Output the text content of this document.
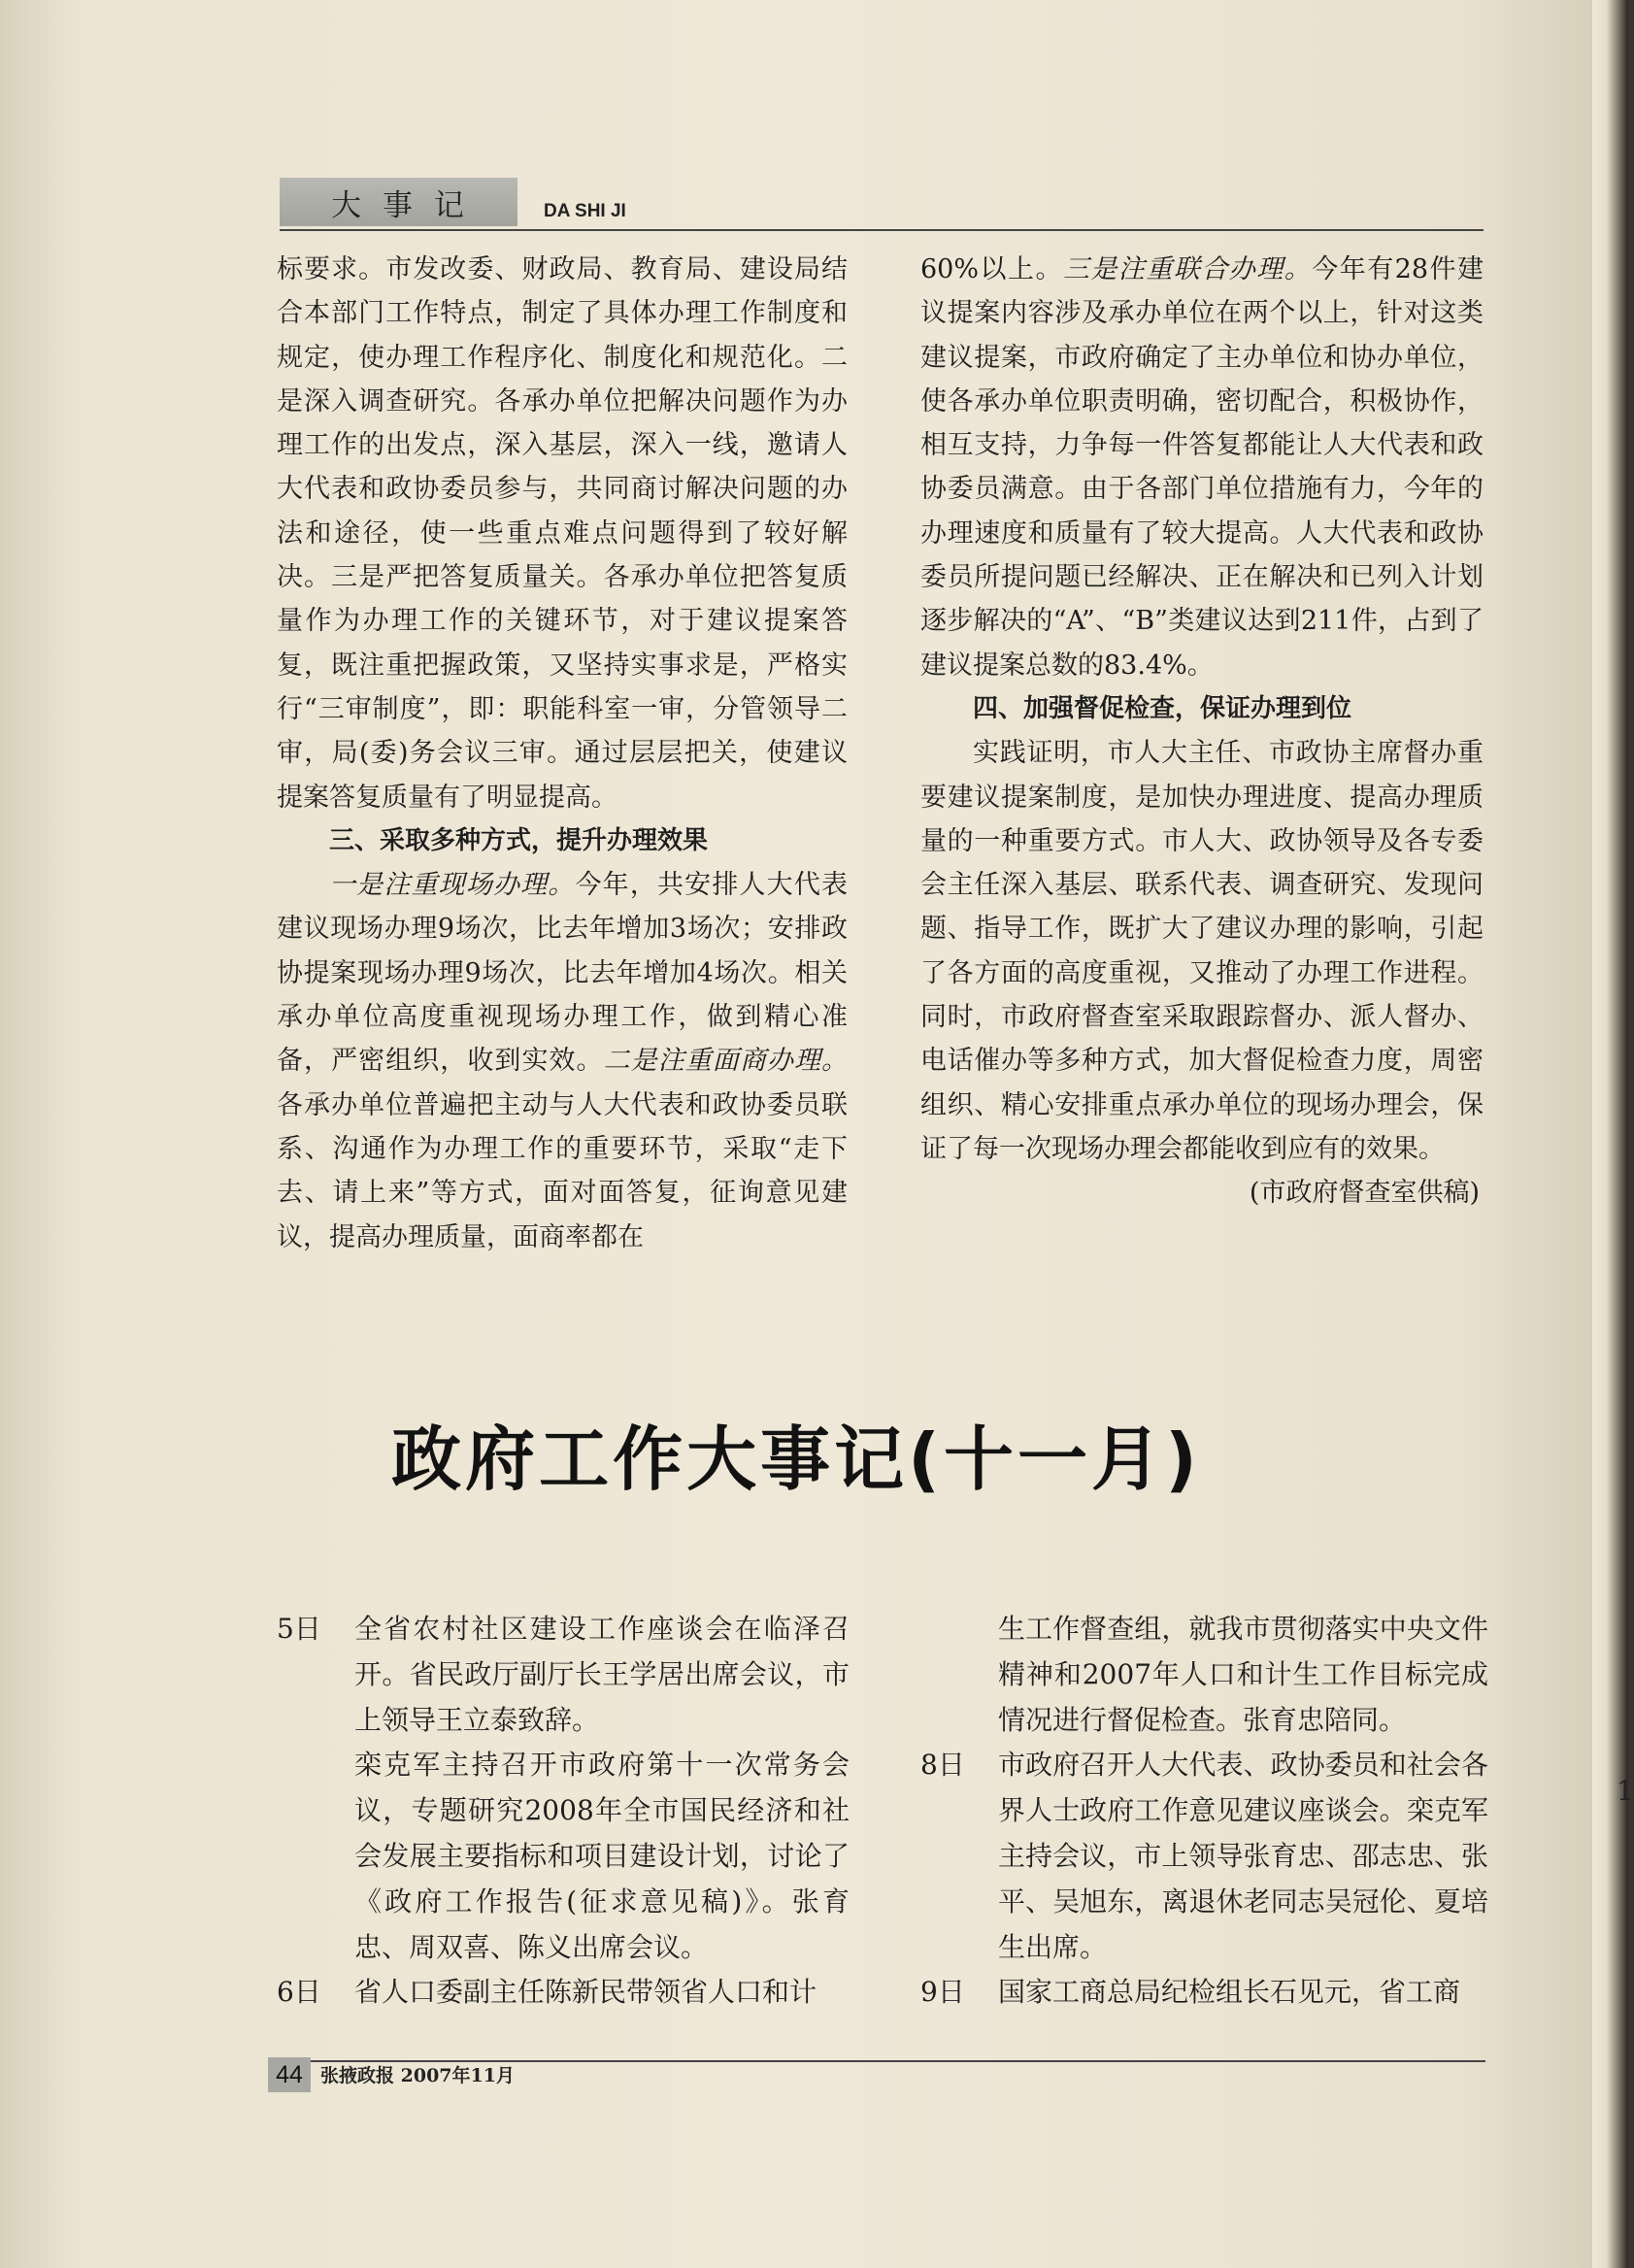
大 事 记	DA SHI JI

标要求。市发改委、财政局、教育局、建设局结合本部门工作特点，制定了具体办理工作制度和规定，使办理工作程序化、制度化和规范化。二是深入调查研究。各承办单位把解决问题作为办理工作的出发点，深入基层，深入一线，邀请人大代表和政协委员参与，共同商讨解决问题的办法和途径，使一些重点难点问题得到了较好解决。三是严把答复质量关。各承办单位把答复质量作为办理工作的关键环节，对于建议提案答复，既注重把握政策，又坚持实事求是，严格实行“三审制度”，即：职能科室一审，分管领导二审，局(委)务会议三审。通过层层把关，使建议提案答复质量有了明显提高。

三、采取多种方式，提升办理效果

一是注重现场办理。今年，共安排人大代表建议现场办理9场次，比去年增加3场次；安排政协提案现场办理9场次，比去年增加4场次。相关承办单位高度重视现场办理工作，做到精心准备，严密组织，收到实效。二是注重面商办理。各承办单位普遍把主动与人大代表和政协委员联系、沟通作为办理工作的重要环节，采取“走下去、请上来”等方式，面对面答复，征询意见建议，提高办理质量，面商率都在

60%以上。三是注重联合办理。今年有28件建议提案内容涉及承办单位在两个以上，针对这类建议提案，市政府确定了主办单位和协办单位，使各承办单位职责明确，密切配合，积极协作，相互支持，力争每一件答复都能让人大代表和政协委员满意。由于各部门单位措施有力，今年的办理速度和质量有了较大提高。人大代表和政协委员所提问题已经解决、正在解决和已列入计划逐步解决的“A”、“B”类建议达到211件，占到了建议提案总数的83.4%。

四、加强督促检查，保证办理到位

实践证明，市人大主任、市政协主席督办重要建议提案制度，是加快办理进度、提高办理质量的一种重要方式。市人大、政协领导及各专委会主任深入基层、联系代表、调查研究、发现问题、指导工作，既扩大了建议办理的影响，引起了各方面的高度重视，又推动了办理工作进程。同时，市政府督查室采取跟踪督办、派人督办、电话催办等多种方式，加大督促检查力度，周密组织、精心安排重点承办单位的现场办理会，保证了每一次现场办理会都能收到应有的效果。

(市政府督查室供稿)

政府工作大事记(十一月)
5日	全省农村社区建设工作座谈会在临泽召开。省民政厅副厅长王学居出席会议，市上领导王立泰致辞。
栾克军主持召开市政府第十一次常务会议，专题研究2008年全市国民经济和社会发展主要指标和项目建设计划，讨论了《政府工作报告(征求意见稿)》。张育忠、周双喜、陈义出席会议。
6日	省人口委副主任陈新民带领省人口和计
生工作督查组，就我市贯彻落实中央文件精神和2007年人口和计生工作目标完成情况进行督促检查。张育忠陪同。
8日	市政府召开人大代表、政协委员和社会各界人士政府工作意见建议座谈会。栾克军主持会议，市上领导张育忠、邵志忠、张平、吴旭东，离退休老同志吴冠伦、夏培生出席。
9日	国家工商总局纪检组长石见元，省工商
44 张掖政报 2007年11月
1
